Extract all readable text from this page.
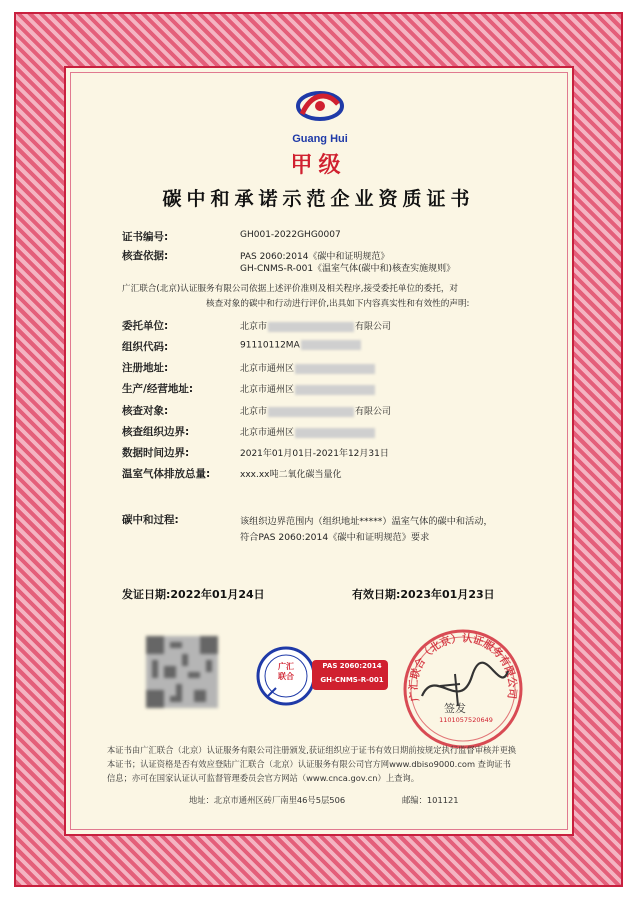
Guang Hui
甲级
碳中和承诺示范企业资质证书
证书编号:	GH001-2022GHG0007
核查依据:	PAS 2060:2014《碳中和证明规范》
GH-CNMS-R-001《温室气体(碳中和)核查实施规则》
广汇联合(北京)认证服务有限公司依据上述评价准则及相关程序,接受委托单位的委托，对
核查对象的碳中和行动进行评价,出具如下内容真实性和有效性的声明:
委托单位:	北京市	有限公司
组织代码:	91110112MA
注册地址:	北京市通州区
生产/经营地址:	北京市通州区
核查对象:	北京市	有限公司
核查组织边界:	北京市通州区
数据时间边界:	2021年01月01日-2021年12月31日
温室气体排放总量:	xxx.xx吨二氧化碳当量化
碳中和过程:	该组织边界范围内（组织地址*****）温室气体的碳中和活动，
符合PAS 2060:2014《碳中和证明规范》要求
发证日期:2022年01月24日	有效日期:2023年01月23日
广汇
联合
PAS 2060:2014
GH-CNMS-R-001
广汇联合（北京）认证服务有限公司
1101057520649
签发
本证书由广汇联合（北京）认证服务有限公司注册颁发,获证组织应于证书有效日期前按规定执行监督审核并更换
本证书；认证资格是否有效应登陆广汇联合（北京）认证服务有限公司官方网www.dbiso9000.com 查询证书
信息；亦可在国家认证认可监督管理委员会官方网站（www.cnca.gov.cn）上查询。
地址：北京市通州区砖厂南里46号5层506	邮编：101121
